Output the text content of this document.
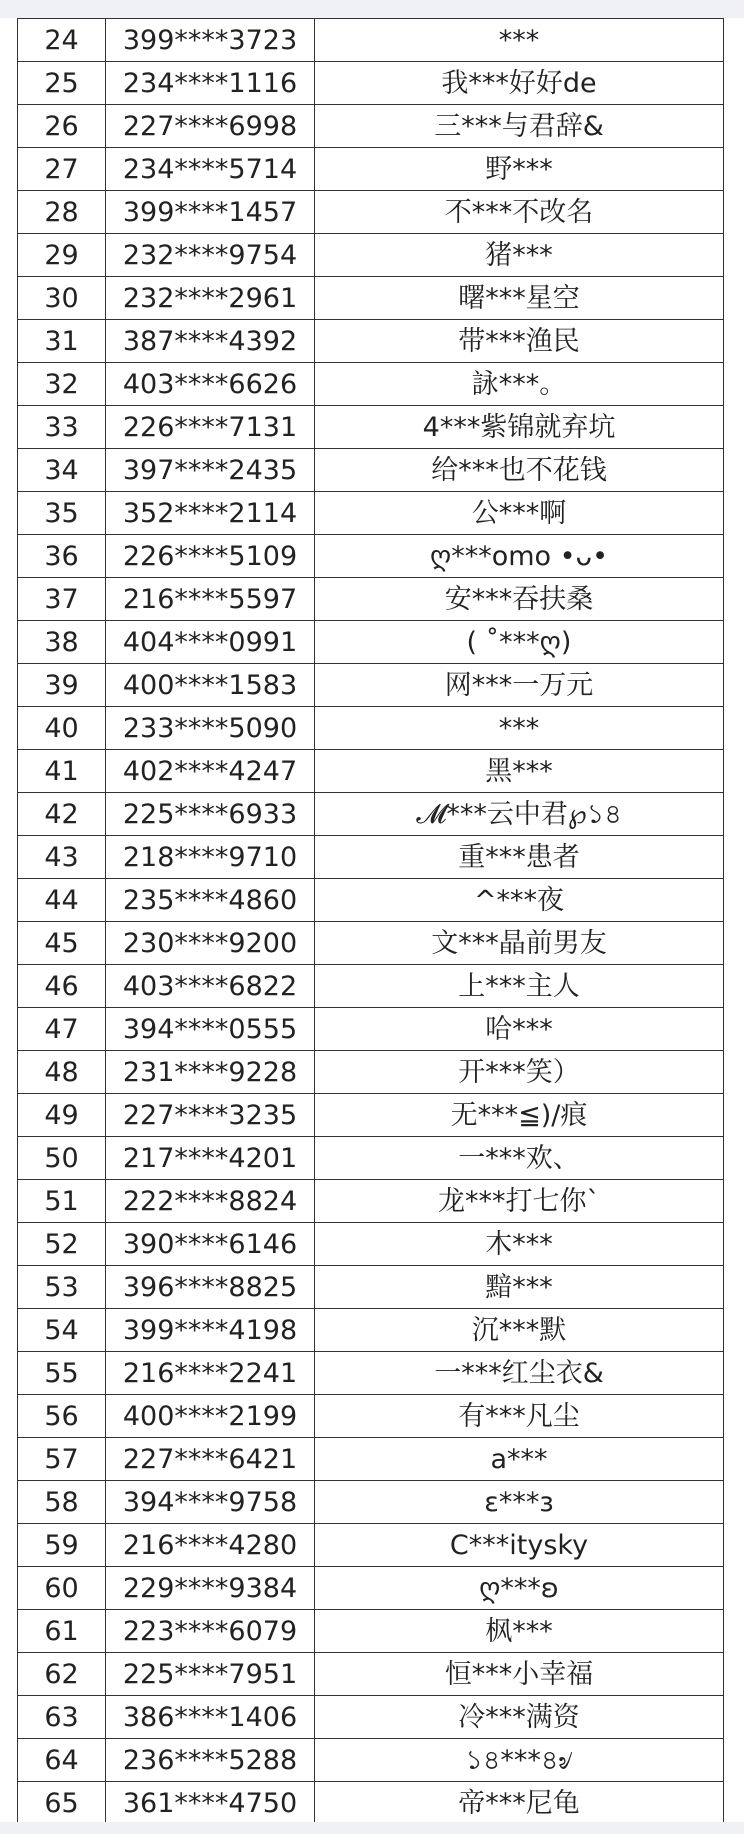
24	399****3723	***
25	234****1116	我***好好de
26	227****6998	三***与君辞&
27	234****5714	野***
28	399****1457	不***不改名
29	232****9754	猪***
30	232****2961	曙***星空
31	387****4392	带***渔民
32	403****6626	詠***。
33	226****7131	4***紫锦就弃坑
34	397****2435	给***也不花钱
35	352****2114	公***啊
36	226****5109	ღ***omo •ᴗ•
37	216****5597	安***吞扶桑
38	404****0991	( ˚***ღ)
39	400****1583	网***一万元
40	233****5090	***
41	402****4247	黑***
42	225****6933	𝓜***云中君℘১৪
43	218****9710	重***患者
44	235****4860	^***夜
45	230****9200	文***晶前男友
46	403****6822	上***主人
47	394****0555	哈***
48	231****9228	开***笑）
49	227****3235	无***≦)/痕
50	217****4201	一***欢、
51	222****8824	龙***打七你`
52	390****6146	木***
53	396****8825	黯***
54	399****4198	沉***默
55	216****2241	一***红尘衣&
56	400****2199	有***凡尘
57	227****6421	a***
58	394****9758	ε***ɜ
59	216****4280	C***itysky
60	229****9384	ღ***ʚ
61	223****6079	枫***
62	225****7951	恒***小幸福
63	386****1406	冷***满资
64	236****5288	১৪***৪৶
65	361****4750	帝***尼龟
